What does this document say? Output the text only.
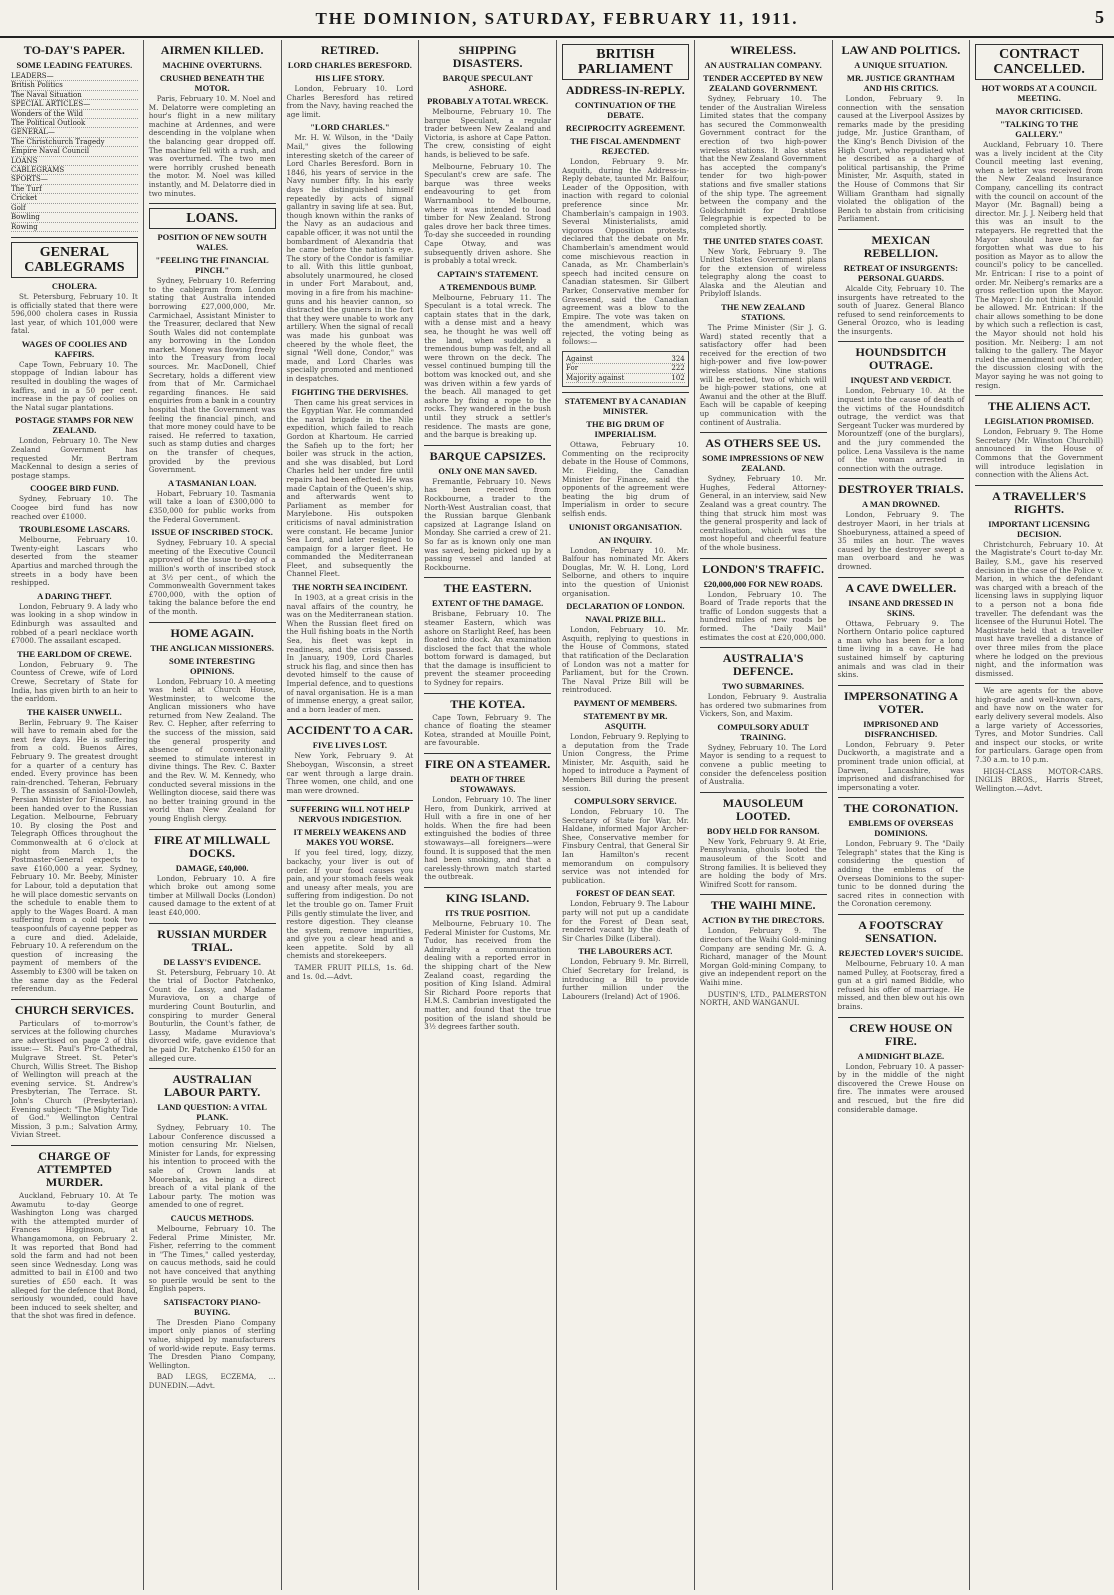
THE DOMINION, SATURDAY, FEBRUARY 11, 1911.	5
TO-DAY'S PAPER.
SOME LEADING FEATURES.
LEADERS—
British Politics
The Naval Situation
SPECIAL ARTICLES—
Wonders of the Wild
The Political Outlook
GENERAL—
The Christchurch Tragedy
Empire Naval Council
LOANS
CABLEGRAMS
SPORTS—
The Turf
Cricket
Golf
Bowling
Rowing
GENERAL CABLEGRAMS
CHOLERA.
St. Petersburg, February 10. It is officially stated that there were 596,000 cholera cases in Russia last year, of which 101,000 were fatal.
WAGES OF COOLIES AND KAFFIRS.
Cape Town, February 10. The stoppage of Indian labour has resulted in doubling the wages of kaffirs, and in a 50 per cent. increase in the pay of coolies on the Natal sugar plantations.
POSTAGE STAMPS FOR NEW ZEALAND.
London, February 10. The New Zealand Government has requested Mr. Bertram MacKennal to design a series of postage stamps.
COOGEE BIRD FUND.
Sydney, February 10. The Coogee bird fund has now reached over £1000.
TROUBLESOME LASCARS.
Melbourne, February 10. Twenty-eight Lascars who deserted from the steamer Apartius and marched through the streets in a body have been reshipped.
A DARING THEFT.
London, February 9. A lady who was looking in a shop window in Edinburgh was assaulted and robbed of a pearl necklace worth £7000. The assailant escaped.
THE EARLDOM OF CREWE.
London, February 9. The Countess of Crewe, wife of Lord Crewe, Secretary of State for India, has given birth to an heir to the earldom.
THE KAISER UNWELL.
Berlin, February 9. The Kaiser will have to remain abed for the next few days. He is suffering from a cold. Buenos Aires, February 9. The greatest drought for a quarter of a century has ended. Every province has been rain-drenched. Teheran, February 9. The assassin of Saniol-Dowleh, Persian Minister for Finance, has been handed over to the Russian Legation. Melbourne, February 10. By closing the Post and Telegraph Offices throughout the Commonwealth at 6 o'clock at night from March 1, the Postmaster-General expects to save £160,000 a year. Sydney, February 10. Mr. Beeby, Minister for Labour, told a deputation that he will place domestic servants on the schedule to enable them to apply to the Wages Board. A man suffering from a cold took two teaspoonfuls of cayenne pepper as a cure and died. Adelaide, February 10. A referendum on the question of increasing the payment of members of the Assembly to £300 will be taken on the same day as the Federal referendum.
CHURCH SERVICES.
Particulars of to-morrow's services at the following churches are advertised on page 2 of this issue:— St. Paul's Pro-Cathedral, Mulgrave Street. St. Peter's Church, Willis Street. The Bishop of Wellington will preach at the evening service. St. Andrew's Presbyterian, The Terrace. St. John's Church (Presbyterian). Evening subject: "The Mighty Tide of God." Wellington Central Mission, 3 p.m.; Salvation Army, Vivian Street.
CHARGE OF ATTEMPTED MURDER.
Auckland, February 10. At Te Awamutu to-day George Washington Long was charged with the attempted murder of Frances Higginson, at Whangamomona, on February 2. It was reported that Bond had sold the farm and had not been seen since Wednesday. Long was admitted to bail in £100 and two sureties of £50 each. It was alleged for the defence that Bond, seriously wounded, could have been induced to seek shelter, and that the shot was fired in defence.
AIRMEN KILLED.
MACHINE OVERTURNS.
CRUSHED BENEATH THE MOTOR.
Paris, February 10. M. Noel and M. Delatorre were completing an hour's flight in a new military machine at Ardennes, and were descending in the volplane when the balancing gear dropped off. The machine fell with a rush, and was overturned. The two men were horribly crushed beneath the motor. M. Noel was killed instantly, and M. Delatorre died in two minutes.
LOANS.
POSITION OF NEW SOUTH WALES.
"FEELING THE FINANCIAL PINCH."
Sydney, February 10. Referring to the cablegram from London stating that Australia intended borrowing £27,000,000, Mr. Carmichael, Assistant Minister to the Treasurer, declared that New South Wales did not contemplate any borrowing in the London market. Money was flowing freely into the Treasury from local sources. Mr. MacDonell, Chief Secretary, holds a different view from that of Mr. Carmichael regarding finances. He said enquiries from a bank in a country hospital that the Government was feeling the financial pinch, and that more money could have to be raised. He referred to taxation, such as stamp duties and charges on the transfer of cheques, provided by the previous Government.
A TASMANIAN LOAN.
Hobart, February 10. Tasmania will take a loan of £300,000 to £350,000 for public works from the Federal Government.
ISSUE OF INSCRIBED STOCK.
Sydney, February 10. A special meeting of the Executive Council approved of the issue to-day of a million's worth of inscribed stock at 3½ per cent., of which the Commonwealth Government takes £700,000, with the option of taking the balance before the end of the month.
HOME AGAIN.
THE ANGLICAN MISSIONERS.
SOME INTERESTING OPINIONS.
London, February 10. A meeting was held at Church House, Westminster, to welcome the Anglican missioners who have returned from New Zealand. The Rev. C. Hepher, after referring to the success of the mission, said the general prosperity and absence of conventionality seemed to stimulate interest in divine things. The Rev. C. Baxter and the Rev. W. M. Kennedy, who conducted several missions in the Wellington diocese, said there was no better training ground in the world than New Zealand for young English clergy.
FIRE AT MILLWALL DOCKS.
DAMAGE, £40,000.
London, February 10. A fire which broke out among some timber at Millwall Docks (London) caused damage to the extent of at least £40,000.
RUSSIAN MURDER TRIAL.
DE LASSY'S EVIDENCE.
St. Petersburg, February 10. At the trial of Doctor Patchenko, Count de Lassy, and Madame Muraviova, on a charge of murdering Count Bouturlin, and conspiring to murder General Bouturlin, the Count's father, de Lassy, Madame Muraviova's divorced wife, gave evidence that he paid Dr. Patchenko £150 for an alleged cure.
AUSTRALIAN LABOUR PARTY.
LAND QUESTION: A VITAL PLANK.
Sydney, February 10. The Labour Conference discussed a motion censuring Mr. Nielsen, Minister for Lands, for expressing his intention to proceed with the sale of Crown lands at Moorebank, as being a direct breach of a vital plank of the Labour party. The motion was amended to one of regret.
CAUCUS METHODS.
Melbourne, February 10. The Federal Prime Minister, Mr. Fisher, referring to the comment in "The Times," called yesterday, on caucus methods, said he could not have conceived that anything so puerile would be sent to the English papers.
SATISFACTORY PIANO-BUYING.
The Dresden Piano Company import only pianos of sterling value, shipped by manufacturers of world-wide repute. Easy terms. The Dresden Piano Company, Wellington.
BAD LEGS, ECZEMA, ... DUNEDIN.—Advt.
RETIRED.
LORD CHARLES BERESFORD.
HIS LIFE STORY.
London, February 10. Lord Charles Beresford has retired from the Navy, having reached the age limit.
"LORD CHARLES."
Mr. H. W. Wilson, in the "Daily Mail," gives the following interesting sketch of the career of Lord Charles Beresford. Born in 1846, his years of service in the Navy number fifty. In his early days he distinguished himself repeatedly by acts of signal gallantry in saving life at sea. But, though known within the ranks of the Navy as an audacious and capable officer, it was not until the bombardment of Alexandria that he came before the nation's eye. The story of the Condor is familiar to all. With this little gunboat, absolutely unarmoured, he closed in under Fort Marabout, and, moving in a fire from his machine-guns and his heavier cannon, so distracted the gunners in the fort that they were unable to work any artillery. When the signal of recall was made his gunboat was cheered by the whole fleet, the signal "Well done, Condor," was made, and Lord Charles was specially promoted and mentioned in despatches.
FIGHTING THE DERVISHES.
Then came his great services in the Egyptian War. He commanded the naval brigade in the Nile expedition, which failed to reach Gordon at Khartoum. He carried the Safieh up to the fort; her boiler was struck in the action, and she was disabled, but Lord Charles held her under fire until repairs had been effected. He was made Captain of the Queen's ship, and afterwards went to Parliament as member for Marylebone. His outspoken criticisms of naval administration were constant. He became Junior Sea Lord, and later resigned to campaign for a larger fleet. He commanded the Mediterranean Fleet, and subsequently the Channel Fleet.
THE NORTH SEA INCIDENT.
In 1903, at a great crisis in the naval affairs of the country, he was on the Mediterranean station. When the Russian fleet fired on the Hull fishing boats in the North Sea, his fleet was kept in readiness, and the crisis passed. In January, 1909, Lord Charles struck his flag, and since then has devoted himself to the cause of Imperial defence, and to questions of naval organisation. He is a man of immense energy, a great sailor, and a born leader of men.
ACCIDENT TO A CAR.
FIVE LIVES LOST.
New York, February 9. At Sheboygan, Wisconsin, a street car went through a large drain. Three women, one child, and one man were drowned.
SUFFERING WILL NOT HELP NERVOUS INDIGESTION.
IT MERELY WEAKENS AND MAKES YOU WORSE.
If you feel tired, logy, dizzy, backachy, your liver is out of order. If your food causes you pain, and your stomach feels weak and uneasy after meals, you are suffering from indigestion. Do not let the trouble go on. Tamer Fruit Pills gently stimulate the liver, and restore digestion. They cleanse the system, remove impurities, and give you a clear head and a keen appetite. Sold by all chemists and storekeepers.
TAMER FRUIT PILLS, 1s. 6d. and 1s. 0d.—Advt.
SHIPPING DISASTERS.
BARQUE SPECULANT ASHORE.
PROBABLY A TOTAL WRECK.
Melbourne, February 10. The barque Speculant, a regular trader between New Zealand and Victoria, is ashore at Cape Patton. The crew, consisting of eight hands, is believed to be safe.
Melbourne, February 10. The Speculant's crew are safe. The barque was three weeks endeavouring to get from Warrnambool to Melbourne, where it was intended to load timber for New Zealand. Strong gales drove her back three times. To-day she succeeded in rounding Cape Otway, and was subsequently driven ashore. She is probably a total wreck.
CAPTAIN'S STATEMENT.
A TREMENDOUS BUMP.
Melbourne, February 11. The Speculant is a total wreck. The captain states that in the dark, with a dense mist and a heavy sea, he thought he was well off the land, when suddenly a tremendous bump was felt, and all were thrown on the deck. The vessel continued bumping till the bottom was knocked out, and she was driven within a few yards of the beach. All managed to get ashore by fixing a rope to the rocks. They wandered in the bush until they struck a settler's residence. The masts are gone, and the barque is breaking up.
BARQUE CAPSIZES.
ONLY ONE MAN SAVED.
Fremantle, February 10. News has been received from Rockbourne, a trader to the North-West Australian coast, that the Russian barque Glenbank capsized at Lagrange Island on Monday. She carried a crew of 21. So far as is known only one man was saved, being picked up by a passing vessel and landed at Rockbourne.
THE EASTERN.
EXTENT OF THE DAMAGE.
Brisbane, February 10. The steamer Eastern, which was ashore on Starlight Reef, has been floated into dock. An examination disclosed the fact that the whole bottom forward is damaged, but that the damage is insufficient to prevent the steamer proceeding to Sydney for repairs.
THE KOTEA.
Cape Town, February 9. The chance of floating the steamer Kotea, stranded at Mouille Point, are favourable.
FIRE ON A STEAMER.
DEATH OF THREE STOWAWAYS.
London, February 10. The liner Hero, from Dunkirk, arrived at Hull with a fire in one of her holds. When the fire had been extinguished the bodies of three stowaways—all foreigners—were found. It is supposed that the men had been smoking, and that a carelessly-thrown match started the outbreak.
KING ISLAND.
ITS TRUE POSITION.
Melbourne, February 10. The Federal Minister for Customs, Mr. Tudor, has received from the Admiralty a communication dealing with a reported error in the shipping chart of the New Zealand coast, regarding the position of King Island. Admiral Sir Richard Poore reports that H.M.S. Cambrian investigated the matter, and found that the true position of the island should be 3½ degrees farther south.
BRITISH PARLIAMENT
ADDRESS-IN-REPLY.
CONTINUATION OF THE DEBATE.
RECIPROCITY AGREEMENT.
THE FISCAL AMENDMENT REJECTED.
London, February 9. Mr. Asquith, during the Address-in-Reply debate, taunted Mr. Balfour, Leader of the Opposition, with inaction with regard to colonial preference since Mr. Chamberlain's campaign in 1903. Several Ministerialists, amid vigorous Opposition protests, declared that the debate on Mr. Chamberlain's amendment would come mischievous reaction in Canada, as Mr. Chamberlain's speech had incited censure on Canadian statesmen. Sir Gilbert Parker, Conservative member for Gravesend, said the Canadian agreement was a blow to the Empire. The vote was taken on the amendment, which was rejected, the voting being as follows:—
Against	324
For	222
Majority against	102
STATEMENT BY A CANADIAN MINISTER.
THE BIG DRUM OF IMPERIALISM.
Ottawa, February 10. Commenting on the reciprocity debate in the House of Commons, Mr. Fielding, the Canadian Minister for Finance, said the opponents of the agreement were beating the big drum of Imperialism in order to secure selfish ends.
UNIONIST ORGANISATION.
AN INQUIRY.
London, February 10. Mr. Balfour has nominated Mr. Akers Douglas, Mr. W. H. Long, Lord Selborne, and others to inquire into the question of Unionist organisation.
DECLARATION OF LONDON.
NAVAL PRIZE BILL.
London, February 10. Mr. Asquith, replying to questions in the House of Commons, stated that ratification of the Declaration of London was not a matter for Parliament, but for the Crown. The Naval Prize Bill will be reintroduced.
PAYMENT OF MEMBERS.
STATEMENT BY MR. ASQUITH.
London, February 9. Replying to a deputation from the Trade Union Congress, the Prime Minister, Mr. Asquith, said he hoped to introduce a Payment of Members Bill during the present session.
COMPULSORY SERVICE.
London, February 10. The Secretary of State for War, Mr. Haldane, informed Major Archer-Shee, Conservative member for Finsbury Central, that General Sir Ian Hamilton's recent memorandum on compulsory service was not intended for publication.
FOREST OF DEAN SEAT.
London, February 9. The Labour party will not put up a candidate for the Forest of Dean seat, rendered vacant by the death of Sir Charles Dilke (Liberal).
THE LABOURERS ACT.
London, February 9. Mr. Birrell, Chief Secretary for Ireland, is introducing a Bill to provide further million under the Labourers (Ireland) Act of 1906.
WIRELESS.
AN AUSTRALIAN COMPANY.
TENDER ACCEPTED BY NEW ZEALAND GOVERNMENT.
Sydney, February 10. The tender of the Australian Wireless Limited states that the company has secured the Commonwealth Government contract for the erection of two high-power wireless stations. It also states that the New Zealand Government has accepted the company's tender for two high-power stations and five smaller stations of the ship type. The agreement between the company and the Goldschmidt for Drahtlose Telegraphie is expected to be completed shortly.
THE UNITED STATES COAST.
New York, February 9. The United States Government plans for the extension of wireless telegraphy along the coast to Alaska and the Aleutian and Pribyloff Islands.
THE NEW ZEALAND STATIONS.
The Prime Minister (Sir J. G. Ward) stated recently that a satisfactory offer had been received for the erection of two high-power and five low-power wireless stations. Nine stations will be erected, two of which will be high-power stations, one at Awanui and the other at the Bluff. Each will be capable of keeping up communication with the continent of Australia.
AS OTHERS SEE US.
SOME IMPRESSIONS OF NEW ZEALAND.
Sydney, February 10. Mr. Hughes, Federal Attorney-General, in an interview, said New Zealand was a great country. The thing that struck him most was the general prosperity and lack of centralisation, which was the most hopeful and cheerful feature of the whole business.
LONDON'S TRAFFIC.
£20,000,000 FOR NEW ROADS.
London, February 10. The Board of Trade reports that the traffic of London suggests that a hundred miles of new roads be formed. The "Daily Mail" estimates the cost at £20,000,000.
AUSTRALIA'S DEFENCE.
TWO SUBMARINES.
London, February 9. Australia has ordered two submarines from Vickers, Son, and Maxim.
COMPULSORY ADULT TRAINING.
Sydney, February 10. The Lord Mayor is sending to a request to convene a public meeting to consider the defenceless position of Australia.
MAUSOLEUM LOOTED.
BODY HELD FOR RANSOM.
New York, February 9. At Erie, Pennsylvania, ghouls looted the mausoleum of the Scott and Strong families. It is believed they are holding the body of Mrs. Winifred Scott for ransom.
THE WAIHI MINE.
ACTION BY THE DIRECTORS.
London, February 9. The directors of the Waihi Gold-mining Company are sending Mr. G. A. Richard, manager of the Mount Morgan Gold-mining Company, to give an independent report on the Waihi mine.
DUSTIN'S, LTD., PALMERSTON NORTH, AND WANGANUI.
LAW AND POLITICS.
A UNIQUE SITUATION.
MR. JUSTICE GRANTHAM AND HIS CRITICS.
London, February 9. In connection with the sensation caused at the Liverpool Assizes by remarks made by the presiding judge, Mr. Justice Grantham, of the King's Bench Division of the High Court, who repudiated what he described as a charge of political partisanship, the Prime Minister, Mr. Asquith, stated in the House of Commons that Sir William Grantham had signally violated the obligation of the Bench to abstain from criticising Parliament.
MEXICAN REBELLION.
RETREAT OF INSURGENTS: PERSONAL GUARDS.
Alcalde City, February 10. The insurgents have retreated to the south of Juarez. General Blanco refused to send reinforcements to General Orozco, who is leading the insurgents.
HOUNDSDITCH OUTRAGE.
INQUEST AND VERDICT.
London, February 10. At the inquest into the cause of death of the victims of the Houndsditch outrage, the verdict was that Sergeant Tucker was murdered by Morountzeff (one of the burglars), and the jury commended the police. Lena Vassileva is the name of the woman arrested in connection with the outrage.
DESTROYER TRIALS.
A MAN DROWNED.
London, February 9. The destroyer Maori, in her trials at Shoeburyness, attained a speed of 35 miles an hour. The waves caused by the destroyer swept a man overboard and he was drowned.
A CAVE DWELLER.
INSANE AND DRESSED IN SKINS.
Ottawa, February 9. The Northern Ontario police captured a man who has been for a long time living in a cave. He had sustained himself by capturing animals and was clad in their skins.
IMPERSONATING A VOTER.
IMPRISONED AND DISFRANCHISED.
London, February 9. Peter Duckworth, a magistrate and a prominent trade union official, at Darwen, Lancashire, was imprisoned and disfranchised for impersonating a voter.
THE CORONATION.
EMBLEMS OF OVERSEAS DOMINIONS.
London, February 9. The "Daily Telegraph" states that the King is considering the question of adding the emblems of the Overseas Dominions to the super-tunic to be donned during the sacred rites in connection with the Coronation ceremony.
A FOOTSCRAY SENSATION.
REJECTED LOVER'S SUICIDE.
Melbourne, February 10. A man named Pulley, at Footscray, fired a gun at a girl named Biddle, who refused his offer of marriage. He missed, and then blew out his own brains.
CREW HOUSE ON FIRE.
A MIDNIGHT BLAZE.
London, February 10. A passer-by in the middle of the night discovered the Crewe House on fire. The inmates were aroused and rescued, but the fire did considerable damage.
CONTRACT CANCELLED.
HOT WORDS AT A COUNCIL MEETING.
MAYOR CRITICISED.
"TALKING TO THE GALLERY."
Auckland, February 10. There was a lively incident at the City Council meeting last evening, when a letter was received from the New Zealand Insurance Company, cancelling its contract with the council on account of the Mayor (Mr. Bagnall) being a director. Mr. J. J. Neiberg held that this was an insult to the ratepayers. He regretted that the Mayor should have so far forgotten what was due to his position as Mayor as to allow the council's policy to be cancelled. Mr. Entrican: I rise to a point of order. Mr. Neiberg's remarks are a gross reflection upon the Mayor. The Mayor: I do not think it should be allowed. Mr. Entrican: If the chair allows something to be done by which such a reflection is cast, the Mayor should not hold his position. Mr. Neiberg: I am not talking to the gallery. The Mayor ruled the amendment out of order, the discussion closing with the Mayor saying he was not going to resign.
THE ALIENS ACT.
LEGISLATION PROMISED.
London, February 9. The Home Secretary (Mr. Winston Churchill) announced in the House of Commons that the Government will introduce legislation in connection with the Aliens Act.
A TRAVELLER'S RIGHTS.
IMPORTANT LICENSING DECISION.
Christchurch, February 10. At the Magistrate's Court to-day Mr. Bailey, S.M., gave his reserved decision in the case of the Police v. Marion, in which the defendant was charged with a breach of the licensing laws in supplying liquor to a person not a bona fide traveller. The defendant was the licensee of the Hurunui Hotel. The Magistrate held that a traveller must have travelled a distance of over three miles from the place where he lodged on the previous night, and the information was dismissed.
We are agents for the above high-grade and well-known cars, and have now on the water for early delivery several models. Also a large variety of Accessories, Tyres, and Motor Sundries. Call and inspect our stocks, or write for particulars. Garage open from 7.30 a.m. to 10 p.m.
HIGH-CLASS MOTOR-CARS. INGLIS BROS., Harris Street, Wellington.—Advt.
